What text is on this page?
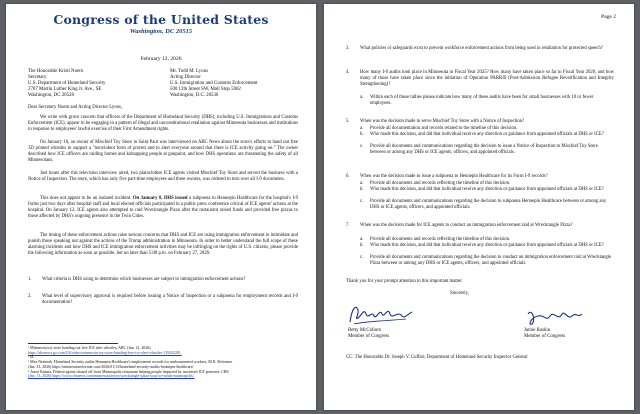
Congress of the United States
Washington, DC 20515
February 12, 2026
The Honorable Kristi Noem
Secretary
U.S. Department of Homeland Security
2707 Martin Luther King Jr. Ave., SE
Washington, DC 20528
Mr. Todd M. Lyons
Acting Director
U.S. Immigration and Customs Enforcement
500 12th Street SW, Mail Stop 5902
Washington, D.C. 20536
Dear Secretary Noem and Acting Director Lyons,
We write with grave concern that officers of the Department of Homeland Security (DHS), including U.S. Immigrations and Customs Enforcement (ICE), appear to be engaging in a pattern of illegal and unconstitutional retaliation against Minnesota businesses and institutions in response to employees' lawful exercise of their First Amendment rights.
On January 16, an owner of Mischief Toy Store in Saint Paul was interviewed on ABC News about the store's efforts to hand out free 3D printed whistles to support a "nonviolent form of protest and to alert everyone around that there is ICE activity going on." The owner described how ICE officers are raiding homes and kidnapping people at gunpoint, and how DHS operations are threatening the safety of all Minnesotans.
Just hours after this television interview aired, two plainclothes ICE agents visited Mischief Toy Store and served the business with a Notice of Inspection. The store, which has only five part-time employees and three owners, was ordered to turn over all I-9 documents.
This does not appear to be an isolated incident. On January 8, DHS issued a subpoena to Hennepin Healthcare for the hospital's I-9 forms just two days after hospital staff and local elected officials participated in a public press conference critical of ICE agents' actions at the hospital. On January 12, ICE agents also attempted to raid Wrecktangle Pizza after the restaurant raised funds and provided free pizzas to those affected by DHS's ongoing presence in the Twin Cities.
The timing of these enforcement actions raise serious concerns that DHS and ICE are using immigration enforcement to intimidate and punish those speaking out against the actions of the Trump administration in Minnesota. In order to better understand the full scope of these alarming incidents and how DHS and ICE immigration enforcement activities may be infringing on the rights of U.S. citizens, please provide the following information as soon as possible, but no later than 5:00 p.m. on February 27, 2026:
1. What criteria is DHS using to determine which businesses are subject to immigration enforcement actions?
2. What level of supervisory approval is required before issuing a Notice of Inspection or a subpoena for employment records and I-9 documentation?
¹ Minnesota toy store handing out free ICE alert whistles, ABC (Jan. 12, 2026),
https://abcnews.go.com/US/video/minnesota-toy-store-handing-free-ice-alert-whistles-129292281.
² Id.
³ Max Nesterak, Homeland Security audits Hennepin Healthcare's employment records for undocumented workers, M.N. Reformer
(Jan. 13, 2026) https://minnesotareformer.com/2026/01/13/homeland-security-audits-hennepin-healthcare/.
⁴ Jason Kanzia, Federal agents chased off from Minneapolis restaurant helping people impacted by increased ICE presence, CBS
(Jan. 13, 2026) https://www.cbsnews.com/minnesota/news/wrecktangle-pizza-stop-ice-south-minneapolis/.
Page 2
3. What policies or safeguards exist to prevent workforce enforcement actions from being used in retaliation for protected speech?
4. How many I-9 audits took place in Minnesota in Fiscal Year 2025? How many have taken place so far in Fiscal Year 2026, and how many of those have taken place since the initiation of Operation PARRIS (Post-Admission Refugee Reverification and Integrity Strengthening)?
a. Within each of those tallies please indicate how many of these audits have been for small businesses with 10 or fewer employees.
5. When was the decision made to serve Mischief Toy Store with a Notice of Inspection?
a. Provide all documentation and records related to the timeline of this decision.
b. Who made this decision, and did that individual receive any direction or guidance from appointed officials at DHS or ICE?
c. Provide all documents and communications regarding the decision to issue a Notice of Inspection to Mischief Toy Store between or among any DHS or ICE agents, officers, and appointed officials.
6. When was the decision made to issue a subpoena to Hennepin Healthcare for its Form I-9 records?
a. Provide all documents and records reflecting the timeline of this decision.
b. Who made this decision, and did that individual receive any direction or guidance from appointed officials at DHS or ICE?
c. Provide all documents and communications regarding the decision to subpoena Hennepin Healthcare between or among any DHS or ICE agents, officers, and appointed officials.
7. When was the decision made for ICE agents to conduct an immigration enforcement raid at Wrecktangle Pizza?
a. Provide all documents and records reflecting the timeline of this decision.
b. Who made this decision, and did that individual receive any direction or guidance from appointed officials at DHS or ICE?
c. Provide all documents and communications regarding the decision to conduct an immigration enforcement raid at Wrecktangle Pizza between or among any DHS or ICE agents, officers, and appointed officials.
Thank you for your prompt attention to this important matter.
Sincerely,
Betty McCollum
Member of Congress
Jamie Raskin
Member of Congress
CC: The Honorable Dr. Joseph V. Cuffari, Department of Homeland Security Inspector General
